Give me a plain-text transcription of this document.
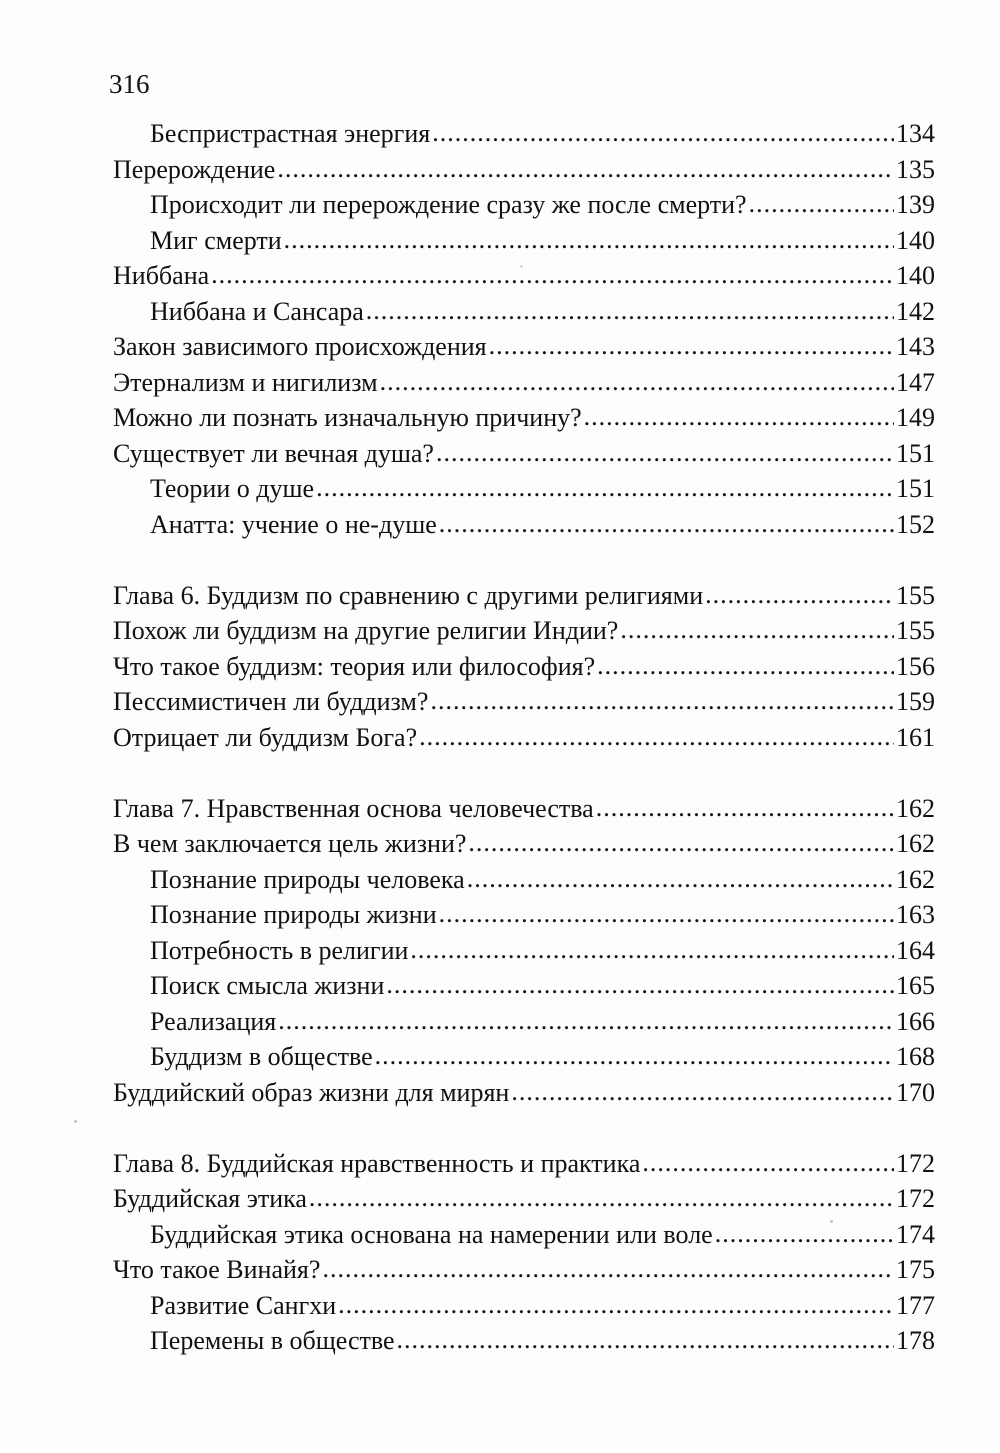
316
Беспристрастная энергия .....	134
Перерождение .....	135
Происходит ли перерождение сразу же после смерти? .....	139
Миг смерти .....	140
Ниббана .....	140
Ниббана и Сансара .....	142
Закон зависимого происхождения .....	143
Этернализм и нигилизм .....	147
Можно ли познать изначальную причину? .....	149
Существует ли вечная душа? .....	151
Теории о душе .....	151
Анатта: учение о не-душе .....	152
Глава 6. Буддизм по сравнению с другими религиями .....	155
Похож ли буддизм на другие религии Индии? .....	155
Что такое буддизм: теория или философия? .....	156
Пессимистичен ли буддизм? .....	159
Отрицает ли буддизм Бога? .....	161
Глава 7. Нравственная основа человечества .....	162
В чем заключается цель жизни? .....	162
Познание природы человека .....	162
Познание природы жизни .....	163
Потребность в религии .....	164
Поиск смысла жизни .....	165
Реализация .....	166
Буддизм в обществе .....	168
Буддийский образ жизни для мирян .....	170
Глава 8. Буддийская нравственность и практика .....	172
Буддийская этика .....	172
Буддийская этика основана на намерении или воле .....	174
Что такое Винайя? .....	175
Развитие Сангхи .....	177
Перемены в обществе .....	178
